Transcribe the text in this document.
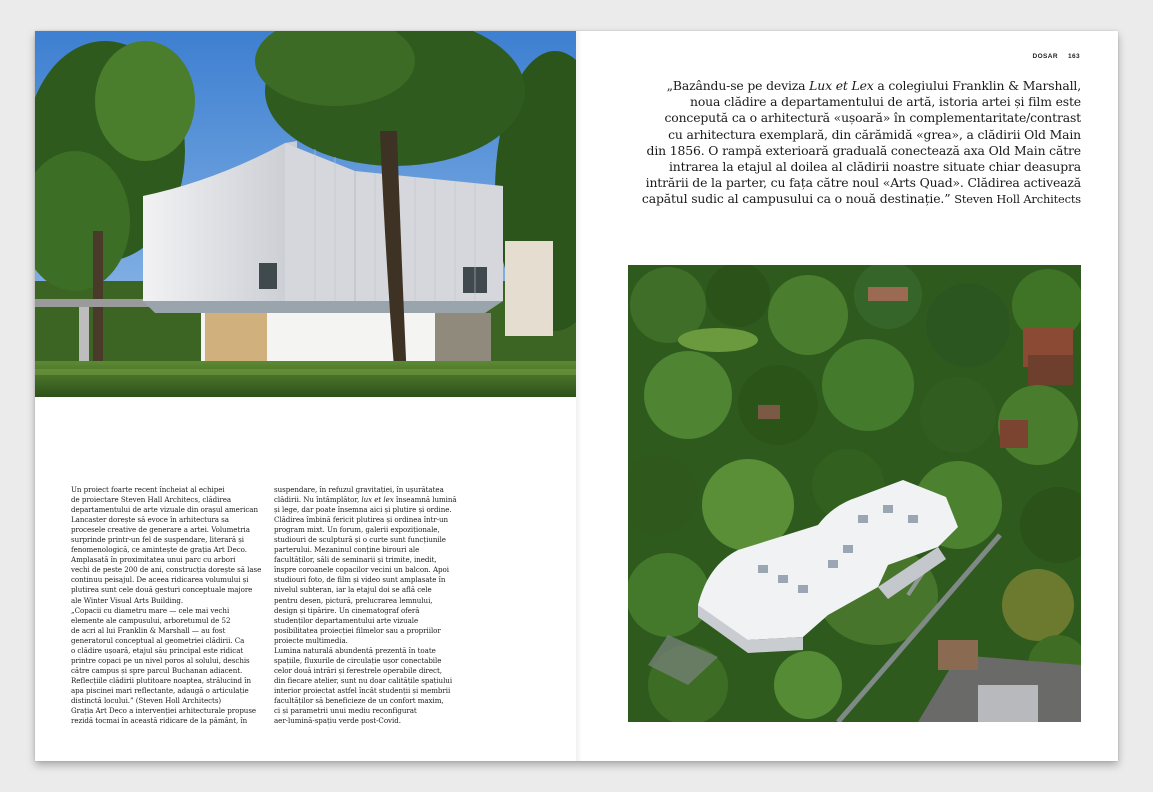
DOSAR 163
„Bazându-se pe deviza Lux et Lex a colegiului Franklin & Marshall,
noua clădire a departamentului de artă, istoria artei și film este
concepută ca o arhitectură «ușoară» în complementaritate/contrast
cu arhitectura exemplară, din cărămidă «grea», a clădirii Old Main
din 1856. O rampă exterioară graduală conectează axa Old Main către
intrarea la etajul al doilea al clădirii noastre situate chiar deasupra
intrării de la parter, cu fața către noul «Arts Quad». Clădirea activează
capătul sudic al campusului ca o nouă destinație.” Steven Holl Architects
Un proiect foarte recent încheiat al echipei
de proiectare Steven Hall Architecs, clădirea
departamentului de arte vizuale din orașul american
Lancaster dorește să evoce în arhitectura sa
procesele creative de generare a artei. Volumetria
surprinde printr-un fel de suspendare, literară și
fenomenologică, ce amintește de grația Art Deco.
Amplasată în proximitatea unui parc cu arbori
vechi de peste 200 de ani, construcția dorește să lase
continuu peisajul. De aceea ridicarea volumului și
plutirea sunt cele două gesturi conceptuale majore
ale Winter Visual Arts Building.
„Copacii cu diametru mare — cele mai vechi
elemente ale campusului, arboretumul de 52
de acri al lui Franklin & Marshall — au fost
generatorul conceptual al geometriei clădirii. Ca
o clădire ușoară, etajul său principal este ridicat
printre copaci pe un nivel poros al solului, deschis
către campus și spre parcul Buchanan adiacent.
Reflecțiile clădirii plutitoare noaptea, strălucind în
apa piscinei mari reflectante, adaugă o articulație
distinctă locului.” (Steven Holl Architects)
Grația Art Deco a intervenției arhitecturale propuse
rezidă tocmai în această ridicare de la pământ, în
suspendare, în refuzul gravitației, în ușurătatea
clădirii. Nu întâmplător, lux et lex înseamnă lumină
și lege, dar poate însemna aici și plutire și ordine.
Clădirea îmbină fericit plutirea și ordinea într-un
program mixt. Un forum, galerii expoziționale,
studiouri de sculptură și o curte sunt funcțiunile
parterului. Mezaninul conține birouri ale
facultăților, săli de seminarii și trimite, inedit,
înspre coroanele copacilor vecini un balcon. Apoi
studiouri foto, de film și video sunt amplasate în
nivelul subteran, iar la etajul doi se află cele
pentru desen, pictură, prelucrarea lemnului,
design și tipărire. Un cinematograf oferă
studenților departamentului arte vizuale
posibilitatea proiecției filmelor sau a propriilor
proiecte multimedia.
Lumina naturală abundentă prezentă în toate
spațiile, fluxurile de circulație ușor conectabile
celor două intrări și ferestrele operabile direct,
din fiecare atelier, sunt nu doar calitățile spațiului
interior proiectat astfel încât studenții și membrii
facultăților să beneficieze de un confort maxim,
ci și parametrii unui mediu reconfigurat
aer-lumină-spațiu verde post-Covid.
